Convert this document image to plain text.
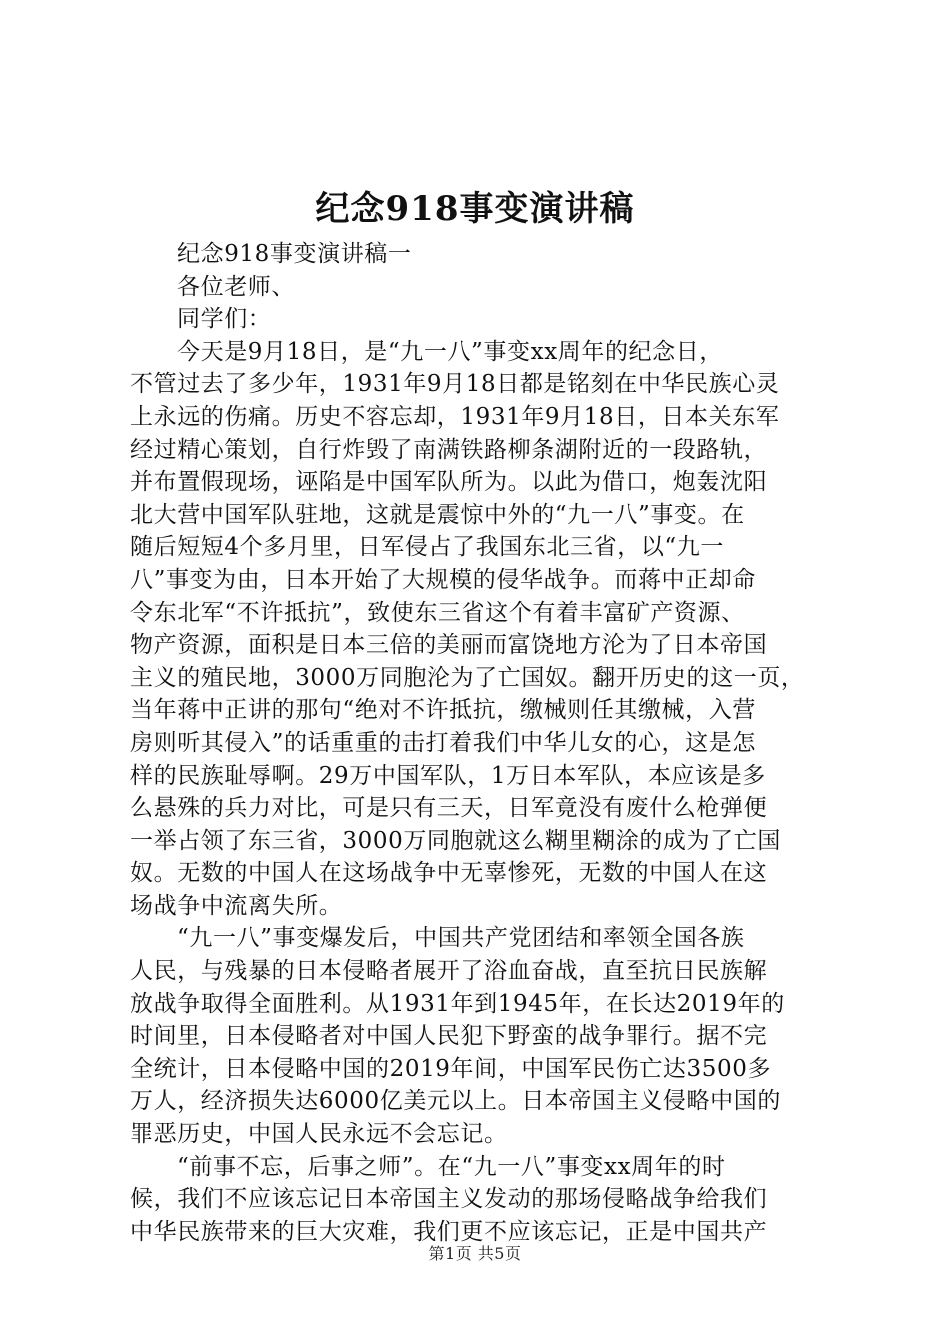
纪念918事变演讲稿

纪念918事变演讲稿一

各位老师、

同学们：

今天是9月18日，是“九一八”事变xx周年的纪念日，

不管过去了多少年，1931年9月18日都是铭刻在中华民族心灵

上永远的伤痛。历史不容忘却，1931年9月18日，日本关东军

经过精心策划，自行炸毁了南满铁路柳条湖附近的一段路轨，

并布置假现场，诬陷是中国军队所为。以此为借口，炮轰沈阳

北大营中国军队驻地，这就是震惊中外的“九一八”事变。在

随后短短4个多月里，日军侵占了我国东北三省，以“九一

八”事变为由，日本开始了大规模的侵华战争。而蒋中正却命

令东北军“不许抵抗”，致使东三省这个有着丰富矿产资源、

物产资源，面积是日本三倍的美丽而富饶地方沦为了日本帝国

主义的殖民地，3000万同胞沦为了亡国奴。翻开历史的这一页，

当年蒋中正讲的那句“绝对不许抵抗，缴械则任其缴械，入营

房则听其侵入”的话重重的击打着我们中华儿女的心，这是怎

样的民族耻辱啊。29万中国军队，1万日本军队，本应该是多

么悬殊的兵力对比，可是只有三天，日军竟没有废什么枪弹便

一举占领了东三省，3000万同胞就这么糊里糊涂的成为了亡国

奴。无数的中国人在这场战争中无辜惨死，无数的中国人在这

场战争中流离失所。

“九一八”事变爆发后，中国共产党团结和率领全国各族

人民，与残暴的日本侵略者展开了浴血奋战，直至抗日民族解

放战争取得全面胜利。从1931年到1945年，在长达2019年的

时间里，日本侵略者对中国人民犯下野蛮的战争罪行。据不完

全统计，日本侵略中国的2019年间，中国军民伤亡达3500多

万人，经济损失达6000亿美元以上。日本帝国主义侵略中国的

罪恶历史，中国人民永远不会忘记。

“前事不忘，后事之师”。在“九一八”事变xx周年的时

候，我们不应该忘记日本帝国主义发动的那场侵略战争给我们

中华民族带来的巨大灾难，我们更不应该忘记，正是中国共产

第1页 共5页
